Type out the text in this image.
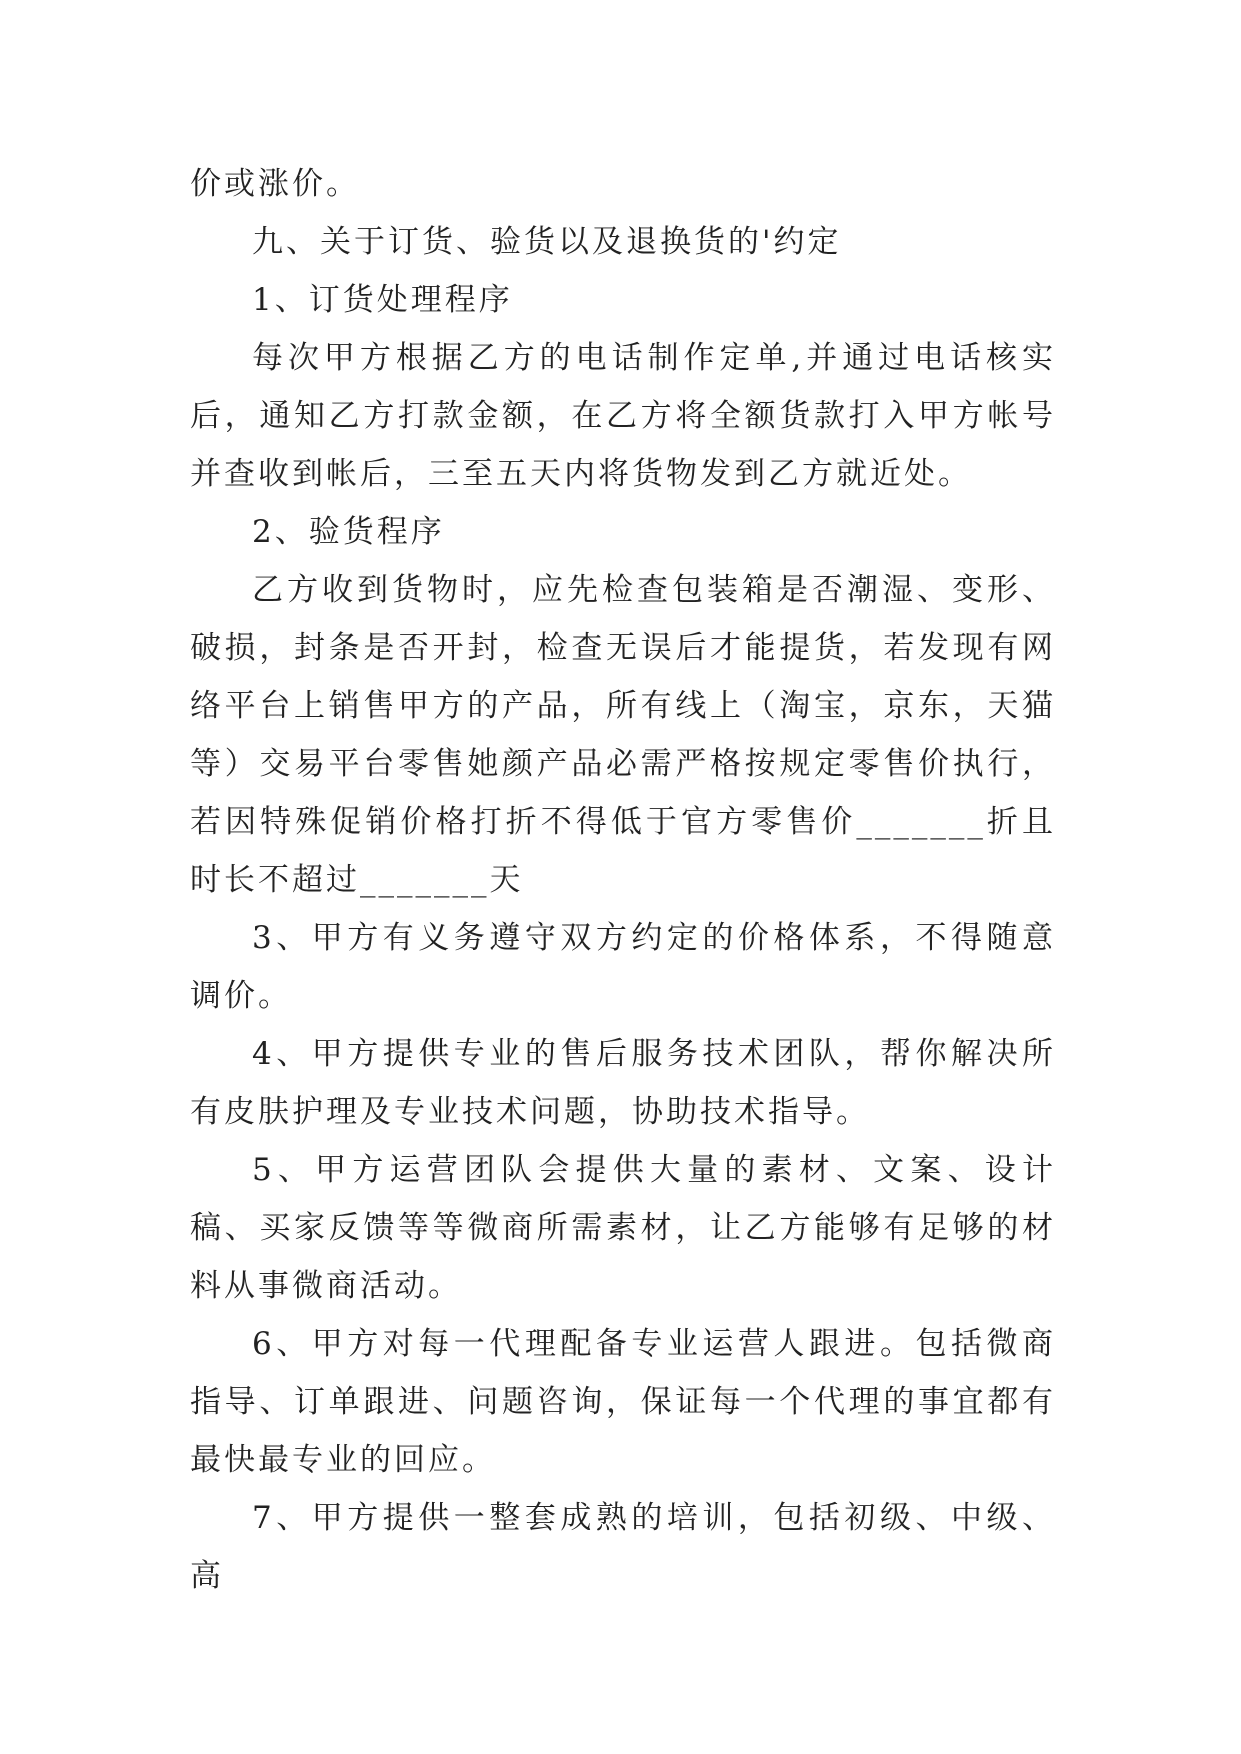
价或涨价。

九、关于订货、验货以及退换货的'约定

1、订货处理程序

每次甲方根据乙方的电话制作定单,并通过电话核实后，通知乙方打款金额，在乙方将全额货款打入甲方帐号并查收到帐后，三至五天内将货物发到乙方就近处。

2、验货程序

乙方收到货物时，应先检查包装箱是否潮湿、变形、破损，封条是否开封，检查无误后才能提货，若发现有网络平台上销售甲方的产品，所有线上（淘宝，京东，天猫等）交易平台零售她颜产品必需严格按规定零售价执行，若因特殊促销价格打折不得低于官方零售价_______折且时长不超过_______天

3、甲方有义务遵守双方约定的价格体系，不得随意调价。

4、甲方提供专业的售后服务技术团队，帮你解决所有皮肤护理及专业技术问题，协助技术指导。

5、甲方运营团队会提供大量的素材、文案、设计稿、买家反馈等等微商所需素材，让乙方能够有足够的材料从事微商活动。

6、甲方对每一代理配备专业运营人跟进。包括微商指导、订单跟进、问题咨询，保证每一个代理的事宜都有最快最专业的回应。

7、甲方提供一整套成熟的培训，包括初级、中级、高
